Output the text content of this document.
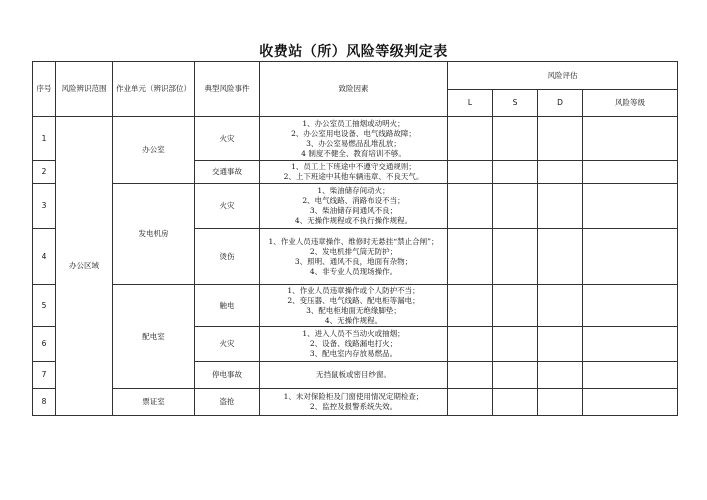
收费站（所）风险等级判定表
序号	风险辨识范围	作业单元（辨识部位）	典型风险事件	致险因素	风险评估			
					L	S	D	风险等级
1	办公区域	办公室	火灾	1、办公室员工抽烟或动明火；
2、办公室用电设备、电气线路故障；
3、办公室易燃品乱堆乱放；
4 制度不健全、教育培训不够。				

2			交通事故	1、员工上下班途中不遵守交通规则；
2、上下班途中其他车辆违章、不良天气。				

3		发电机房	火灾	1、柴油储存间动火；
2、电气线路、消路布设不当；
3、柴油储存间通风不良；
4、无操作规程或不执行操作规程。				

4			烫伤	1、作业人员违章操作、维修时无悬挂“禁止合闸”；
2、发电机排气筒无防护；
3、照明、通风不良，地面有杂物；
4、非专业人员现场操作。				

5		配电室	触电	1、作业人员违章操作或个人防护不当；
2、变压器、电气线路、配电柜等漏电；
3、配电柜地面无绝缘脚垫；
4、无操作规程。				

6			火灾	1、进入人员不当动火或抽烟；
2、设备、线路漏电打火；
3、配电室内存放易燃品。				

7			停电事故	无挡鼠板或密目纱窗。				

8		票证室	盗抢	1、未对保险柜及门窗使用情况定期检查；
2、监控及报警系统失效。				
